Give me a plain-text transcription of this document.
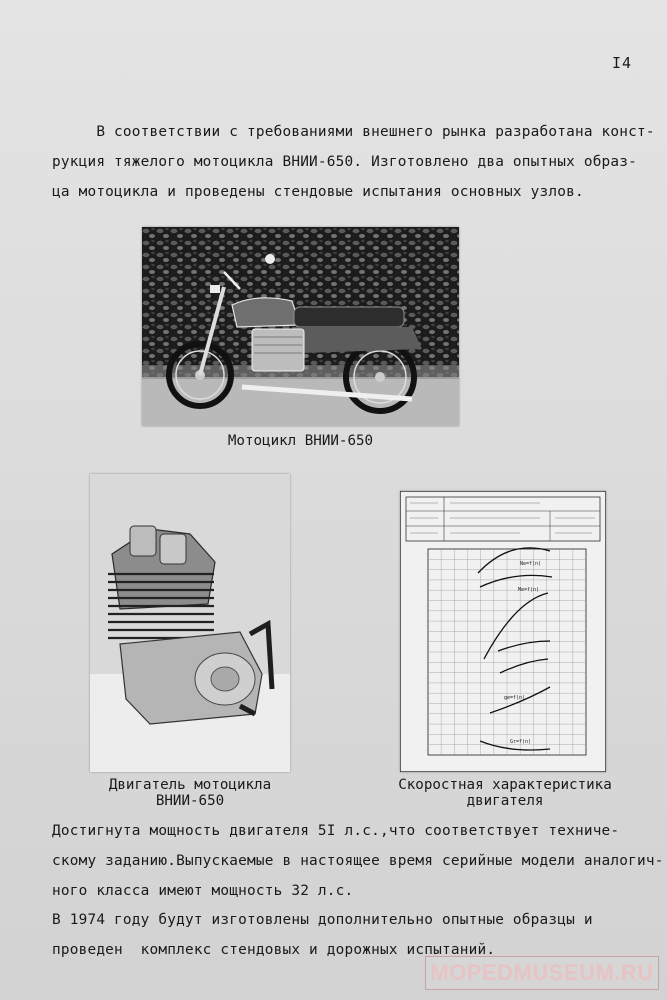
I4

В соответствии с требованиями внешнего рынка разработана конст-
рукция тяжелого мотоцикла ВНИИ-650. Изготовлено два опытных образ-
ца мотоцикла и проведены стендовые испытания основных узлов.

Мотоцикл ВНИИ-650
Двигатель мотоцикла
ВНИИ-650
Ne=f(n)
Me=f(n)
ge=f(n)
Gт=f(n)
Скоростная характеристика
двигателя

Достигнута мощность двигателя 5I л.с.,что соответствует техниче-
скому заданию.Выпускаемые в настоящее время серийные модели аналогич-
ного класса имеют мощность 32 л.с.

В 1974 году будут изготовлены дополнительно опытные образцы и
проведен  комплекс стендовых и дорожных испытаний.

MOPEDMUSEUM.RU
